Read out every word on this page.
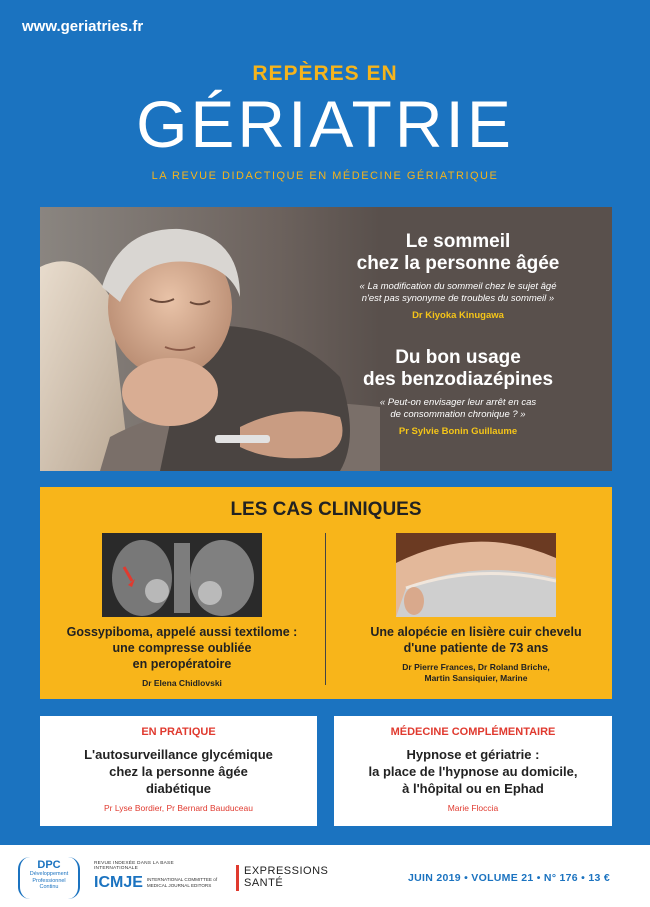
www.geriatries.fr
REPÈRES EN
GÉRIATRIE
LA REVUE DIDACTIQUE EN MÉDECINE GÉRIATRIQUE
Le sommeil
chez la personne âgée

« La modification du sommeil chez le sujet âgé
n'est pas synonyme de troubles du sommeil »

Dr Kiyoka Kinugawa

Du bon usage
des benzodiazépines

« Peut-on envisager leur arrêt en cas
de consommation chronique ? »

Pr Sylvie Bonin Guillaume

LES CAS CLINIQUES
Gossypiboma, appelé aussi textilome :
une compresse oubliée
en peropératoire

Dr Elena Chidlovski

Une alopécie en lisière cuir chevelu
d'une patiente de 73 ans

Dr Pierre Frances, Dr Roland Briche,
Martin Sansiquier, Marine

EN PRATIQUE
L'autosurveillance glycémique
chez la personne âgée
diabétique

Pr Lyse Bordier, Pr Bernard Bauduceau

MÉDECINE COMPLÉMENTAIRE
Hypnose et gériatrie :
la place de l'hypnose au domicile,
à l'hôpital ou en Ephad

Marie Floccia

DPC
Développement
Professionnel
Continu
REVUE INDEXÉE DANS LA BASE INTERNATIONALE
ICMJE INTERNATIONAL COMMITTEE of
MEDICAL JOURNAL EDITORS
EXPRESSIONS
SANTÉ	JUIN 2019 • VOLUME 21 • N° 176 • 13 €
